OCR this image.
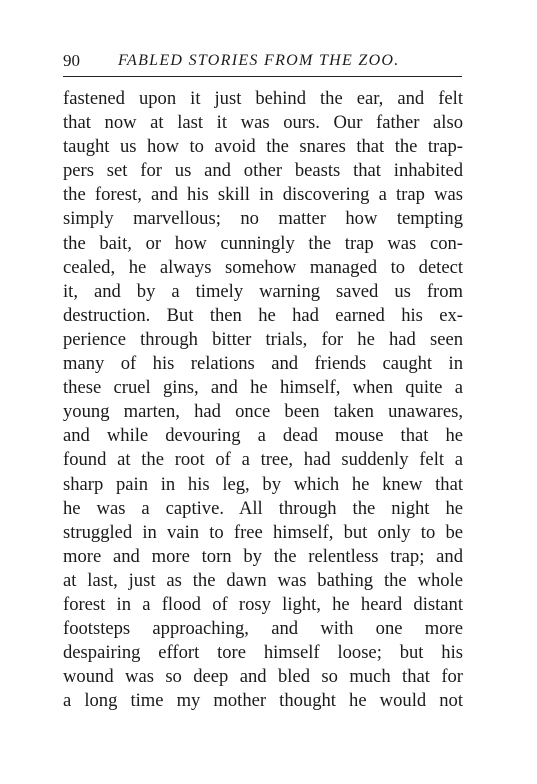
90 FABLED STORIES FROM THE ZOO.
fastened upon it just behind the ear, and felt
that now at last it was ours. Our father also
taught us how to avoid the snares that the trap-
pers set for us and other beasts that inhabited
the forest, and his skill in discovering a trap was
simply marvellous; no matter how tempting
the bait, or how cunningly the trap was con-
cealed, he always somehow managed to detect
it, and by a timely warning saved us from
destruction. But then he had earned his ex-
perience through bitter trials, for he had seen
many of his relations and friends caught in
these cruel gins, and he himself, when quite a
young marten, had once been taken unawares,
and while devouring a dead mouse that he
found at the root of a tree, had suddenly felt a
sharp pain in his leg, by which he knew that
he was a captive. All through the night he
struggled in vain to free himself, but only to be
more and more torn by the relentless trap; and
at last, just as the dawn was bathing the whole
forest in a flood of rosy light, he heard distant
footsteps approaching, and with one more
despairing effort tore himself loose; but his
wound was so deep and bled so much that for
a long time my mother thought he would not
